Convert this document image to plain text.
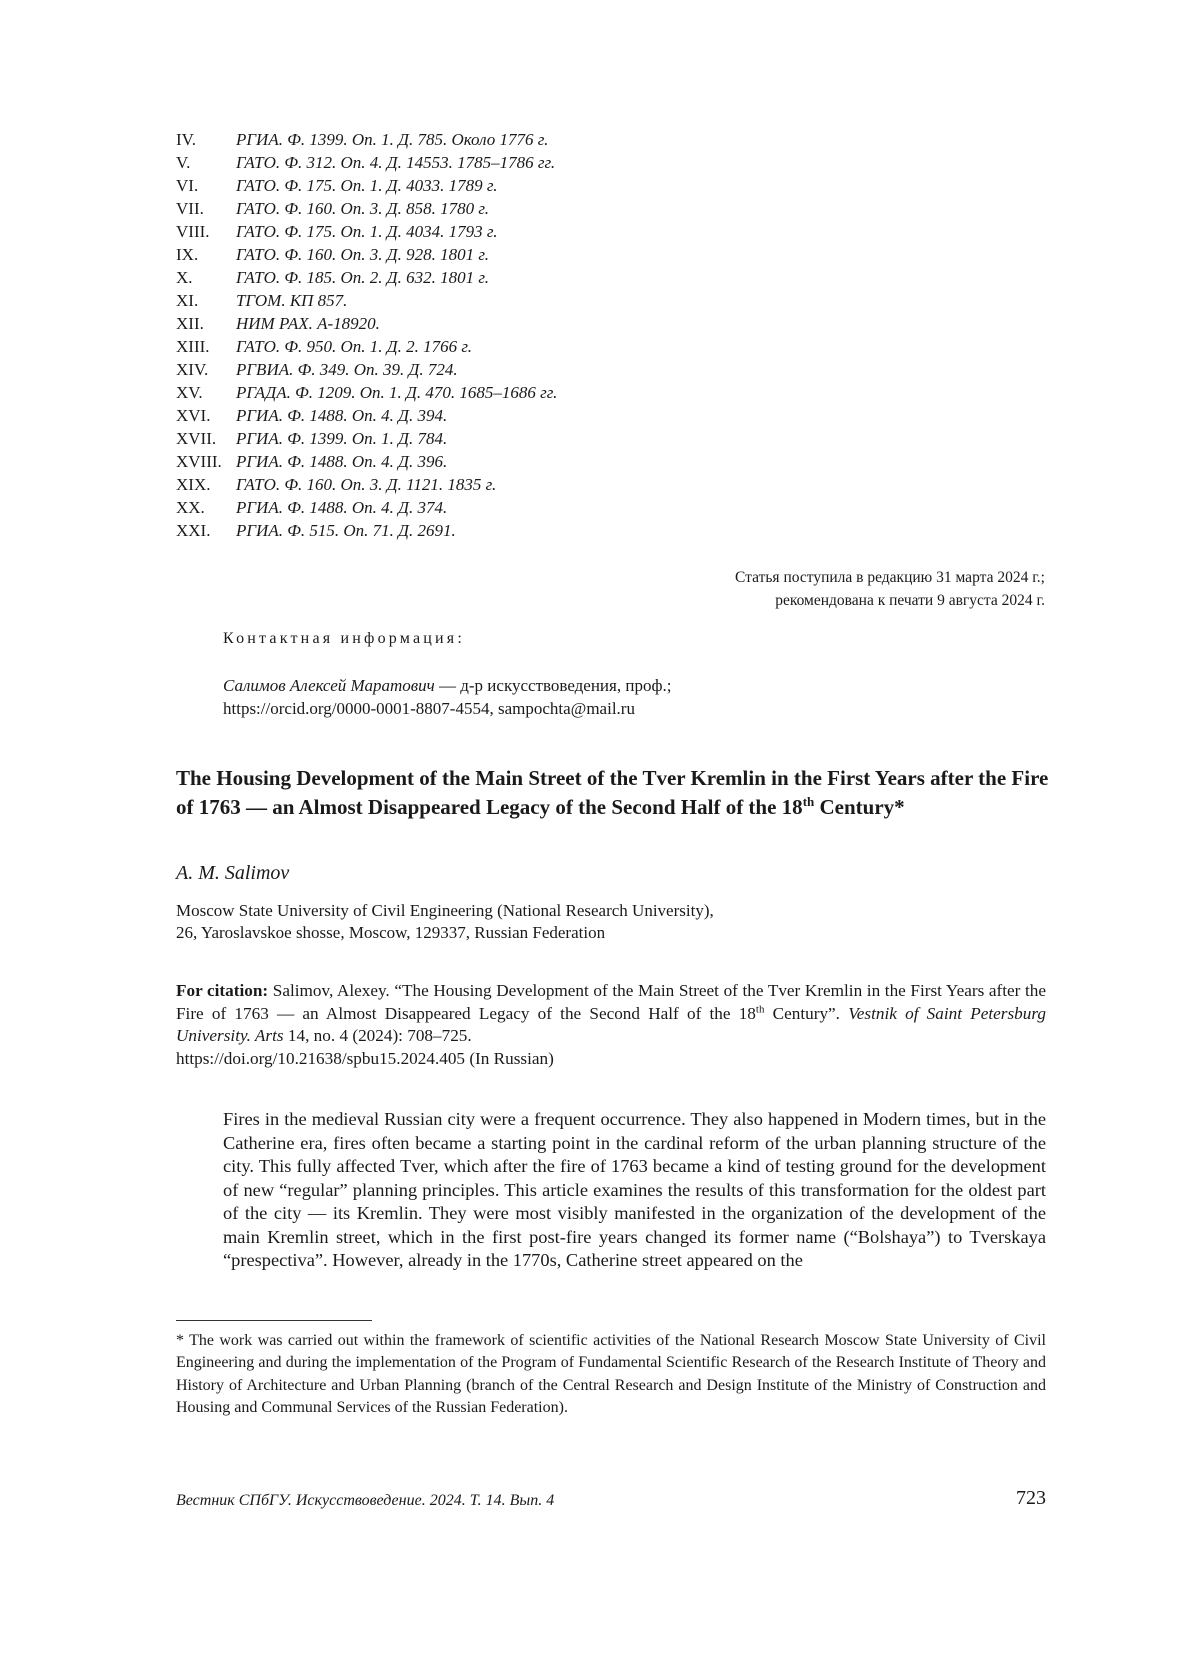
IV.	РГИА. Ф. 1399. Оп. 1. Д. 785. Около 1776 г.
V.	ГАТО. Ф. 312. Оп. 4. Д. 14553. 1785–1786 гг.
VI.	ГАТО. Ф. 175. Оп. 1. Д. 4033. 1789 г.
VII.	ГАТО. Ф. 160. Оп. 3. Д. 858. 1780 г.
VIII.	ГАТО. Ф. 175. Оп. 1. Д. 4034. 1793 г.
IX.	ГАТО. Ф. 160. Оп. 3. Д. 928. 1801 г.
X.	ГАТО. Ф. 185. Оп. 2. Д. 632. 1801 г.
XI.	ТГОМ. КП 857.
XII.	НИМ РАХ. А-18920.
XIII.	ГАТО. Ф. 950. Оп. 1. Д. 2. 1766 г.
XIV.	РГВИА. Ф. 349. Оп. 39. Д. 724.
XV.	РГАДА. Ф. 1209. Оп. 1. Д. 470. 1685–1686 гг.
XVI.	РГИА. Ф. 1488. Оп. 4. Д. 394.
XVII.	РГИА. Ф. 1399. Оп. 1. Д. 784.
XVIII. РГИА. Ф. 1488. Оп. 4. Д. 396.
XIX.	ГАТО. Ф. 160. Оп. 3. Д. 1121. 1835 г.
XX.	РГИА. Ф. 1488. Оп. 4. Д. 374.
XXI.	РГИА. Ф. 515. Оп. 71. Д. 2691.
Статья поступила в редакцию 31 марта 2024 г.;
рекомендована к печати 9 августа 2024 г.
Контактная информация:
Салимов Алексей Маратович — д-р искусствоведения, проф.;
https://orcid.org/0000-0001-8807-4554, sampochta@mail.ru
The Housing Development of the Main Street of the Tver Kremlin in the First Years after the Fire of 1763 — an Almost Disappeared Legacy of the Second Half of the 18th Century*
A. M. Salimov
Moscow State University of Civil Engineering (National Research University),
26, Yaroslavskoe shosse, Moscow, 129337, Russian Federation
For citation: Salimov, Alexey. “The Housing Development of the Main Street of the Tver Kremlin in the First Years after the Fire of 1763 — an Almost Disappeared Legacy of the Second Half of the 18th Century”. Vestnik of Saint Petersburg University. Arts 14, no. 4 (2024): 708–725.
https://doi.org/10.21638/spbu15.2024.405 (In Russian)
Fires in the medieval Russian city were a frequent occurrence. They also happened in Modern times, but in the Catherine era, fires often became a starting point in the cardinal reform of the urban planning structure of the city. This fully affected Tver, which after the fire of 1763 became a kind of testing ground for the development of new “regular” planning principles. This article examines the results of this transformation for the oldest part of the city — its Kremlin. They were most visibly manifested in the organization of the development of the main Kremlin street, which in the first post-fire years changed its former name (“Bolshaya”) to Tverskaya “prespectiva”. However, already in the 1770s, Catherine street appeared on the
* The work was carried out within the framework of scientific activities of the National Research Moscow State University of Civil Engineering and during the implementation of the Program of Fundamental Scientific Research of the Research Institute of Theory and History of Architecture and Urban Planning (branch of the Central Research and Design Institute of the Ministry of Construction and Housing and Communal Services of the Russian Federation).
Вестник СПбГУ. Искусствоведение. 2024. Т. 14. Вып. 4	723
